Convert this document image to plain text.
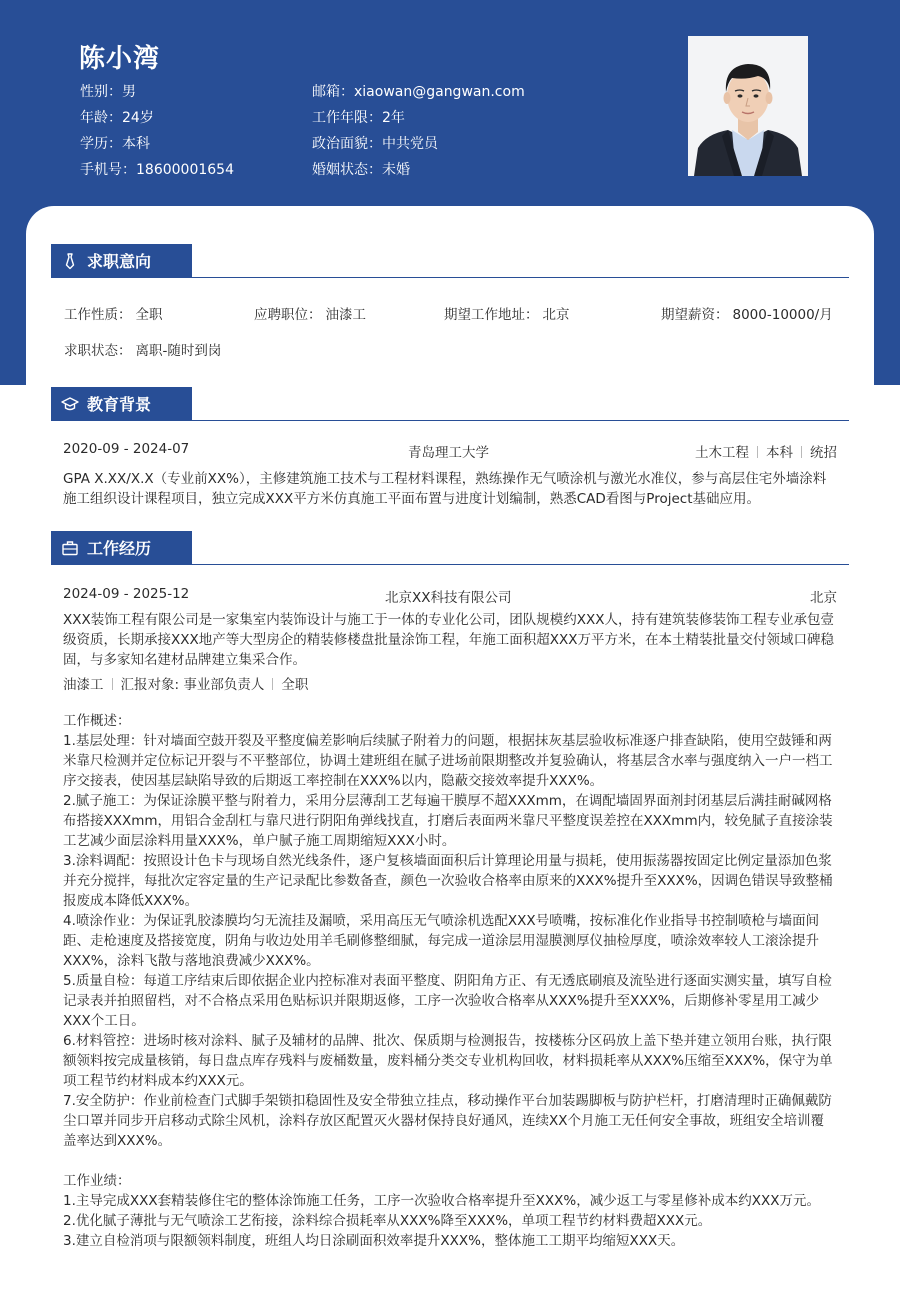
陈小湾
性别：男
年龄：24岁
学历：本科
手机号：18600001654
邮箱：xiaowan@gangwan.com
工作年限：2年
政治面貌：中共党员
婚姻状态：未婚
求职意向
工作性质： 全职	应聘职位： 油漆工	期望工作地址： 北京	期望薪资： 8000-10000/月
求职状态： 离职-随时到岗
教育背景
2020-09 - 2024-07	青岛理工大学	土木工程 本科 统招
GPA X.XX/X.X（专业前XX%），主修建筑施工技术与工程材料课程，熟练操作无气喷涂机与激光水准仪，参与高层住宅外墙涂料施工组织设计课程项目，独立完成XXX平方米仿真施工平面布置与进度计划编制，熟悉CAD看图与Project基础应用。
工作经历
2024-09 - 2025-12	北京XX科技有限公司	北京
XXX装饰工程有限公司是一家集室内装饰设计与施工于一体的专业化公司，团队规模约XXX人，持有建筑装修装饰工程专业承包壹级资质，长期承接XXX地产等大型房企的精装修楼盘批量涂饰工程，年施工面积超XXX万平方米，在本土精装批量交付领域口碑稳固，与多家知名建材品牌建立集采合作。
油漆工 汇报对象: 事业部负责人 全职
工作概述：
1.基层处理：针对墙面空鼓开裂及平整度偏差影响后续腻子附着力的问题，根据抹灰基层验收标准逐户排查缺陷，使用空鼓锤和两米靠尺检测并定位标记开裂与不平整部位，协调土建班组在腻子进场前限期整改并复验确认，将基层含水率与强度纳入一户一档工序交接表，使因基层缺陷导致的后期返工率控制在XXX%以内，隐蔽交接效率提升XXX%。
2.腻子施工：为保证涂膜平整与附着力，采用分层薄刮工艺每遍干膜厚不超XXXmm，在调配墙固界面剂封闭基层后满挂耐碱网格布搭接XXXmm，用铝合金刮杠与靠尺进行阴阳角弹线找直，打磨后表面两米靠尺平整度误差控在XXXmm内，较免腻子直接涂装工艺减少面层涂料用量XXX%，单户腻子施工周期缩短XXX小时。
3.涂料调配：按照设计色卡与现场自然光线条件，逐户复核墙面面积后计算理论用量与损耗，使用振荡器按固定比例定量添加色浆并充分搅拌，每批次定容定量的生产记录配比参数备查，颜色一次验收合格率由原来的XXX%提升至XXX%，因调色错误导致整桶报废成本降低XXX%。
4.喷涂作业：为保证乳胶漆膜均匀无流挂及漏喷，采用高压无气喷涂机选配XXX号喷嘴，按标准化作业指导书控制喷枪与墙面间距、走枪速度及搭接宽度，阴角与收边处用羊毛刷修整细腻，每完成一道涂层用湿膜测厚仪抽检厚度，喷涂效率较人工滚涂提升XXX%，涂料飞散与落地浪费减少XXX%。
5.质量自检：每道工序结束后即依据企业内控标准对表面平整度、阴阳角方正、有无透底刷痕及流坠进行逐面实测实量，填写自检记录表并拍照留档，对不合格点采用色贴标识并限期返修，工序一次验收合格率从XXX%提升至XXX%，后期修补零星用工减少XXX个工日。
6.材料管控：进场时核对涂料、腻子及辅材的品牌、批次、保质期与检测报告，按楼栋分区码放上盖下垫并建立领用台账，执行限额领料按完成量核销，每日盘点库存残料与废桶数量，废料桶分类交专业机构回收，材料损耗率从XXX%压缩至XXX%，保守为单项工程节约材料成本约XXX元。
7.安全防护：作业前检查门式脚手架锁扣稳固性及安全带独立挂点，移动操作平台加装踢脚板与防护栏杆，打磨清理时正确佩戴防尘口罩并同步开启移动式除尘风机，涂料存放区配置灭火器材保持良好通风，连续XX个月施工无任何安全事故，班组安全培训覆盖率达到XXX%。
工作业绩：
1.主导完成XXX套精装修住宅的整体涂饰施工任务，工序一次验收合格率提升至XXX%，减少返工与零星修补成本约XXX万元。
2.优化腻子薄批与无气喷涂工艺衔接，涂料综合损耗率从XXX%降至XXX%，单项工程节约材料费超XXX元。
3.建立自检消项与限额领料制度，班组人均日涂刷面积效率提升XXX%，整体施工工期平均缩短XXX天。
